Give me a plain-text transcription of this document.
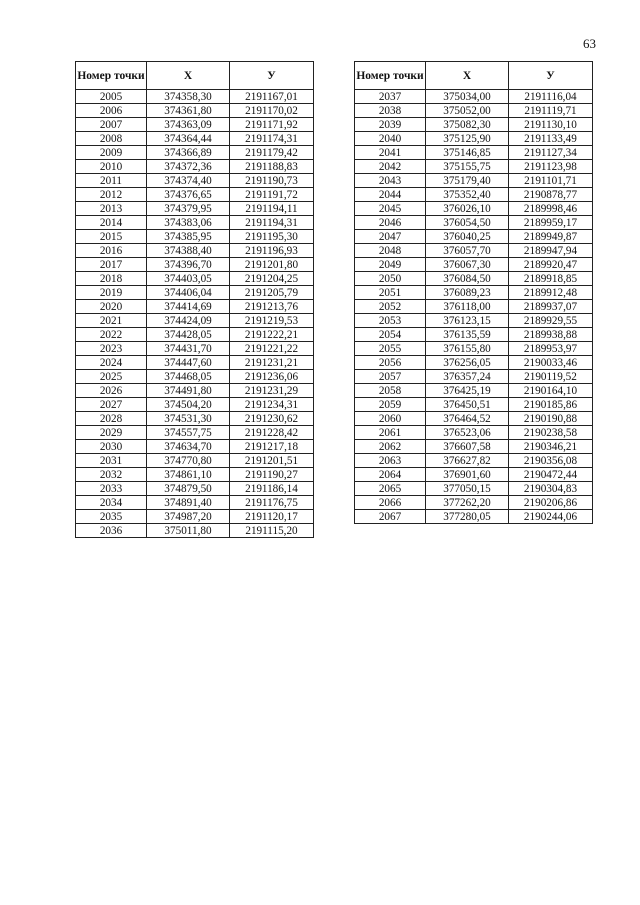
63
Номер точки	X	У
2005	374358,30	2191167,01
2006	374361,80	2191170,02
2007	374363,09	2191171,92
2008	374364,44	2191174,31
2009	374366,89	2191179,42
2010	374372,36	2191188,83
2011	374374,40	2191190,73
2012	374376,65	2191191,72
2013	374379,95	2191194,11
2014	374383,06	2191194,31
2015	374385,95	2191195,30
2016	374388,40	2191196,93
2017	374396,70	2191201,80
2018	374403,05	2191204,25
2019	374406,04	2191205,79
2020	374414,69	2191213,76
2021	374424,09	2191219,53
2022	374428,05	2191222,21
2023	374431,70	2191221,22
2024	374447,60	2191231,21
2025	374468,05	2191236,06
2026	374491,80	2191231,29
2027	374504,20	2191234,31
2028	374531,30	2191230,62
2029	374557,75	2191228,42
2030	374634,70	2191217,18
2031	374770,80	2191201,51
2032	374861,10	2191190,27
2033	374879,50	2191186,14
2034	374891,40	2191176,75
2035	374987,20	2191120,17
2036	375011,80	2191115,20
Номер точки	X	У
2037	375034,00	2191116,04
2038	375052,00	2191119,71
2039	375082,30	2191130,10
2040	375125,90	2191133,49
2041	375146,85	2191127,34
2042	375155,75	2191123,98
2043	375179,40	2191101,71
2044	375352,40	2190878,77
2045	376026,10	2189998,46
2046	376054,50	2189959,17
2047	376040,25	2189949,87
2048	376057,70	2189947,94
2049	376067,30	2189920,47
2050	376084,50	2189918,85
2051	376089,23	2189912,48
2052	376118,00	2189937,07
2053	376123,15	2189929,55
2054	376135,59	2189938,88
2055	376155,80	2189953,97
2056	376256,05	2190033,46
2057	376357,24	2190119,52
2058	376425,19	2190164,10
2059	376450,51	2190185,86
2060	376464,52	2190190,88
2061	376523,06	2190238,58
2062	376607,58	2190346,21
2063	376627,82	2190356,08
2064	376901,60	2190472,44
2065	377050,15	2190304,83
2066	377262,20	2190206,86
2067	377280,05	2190244,06
